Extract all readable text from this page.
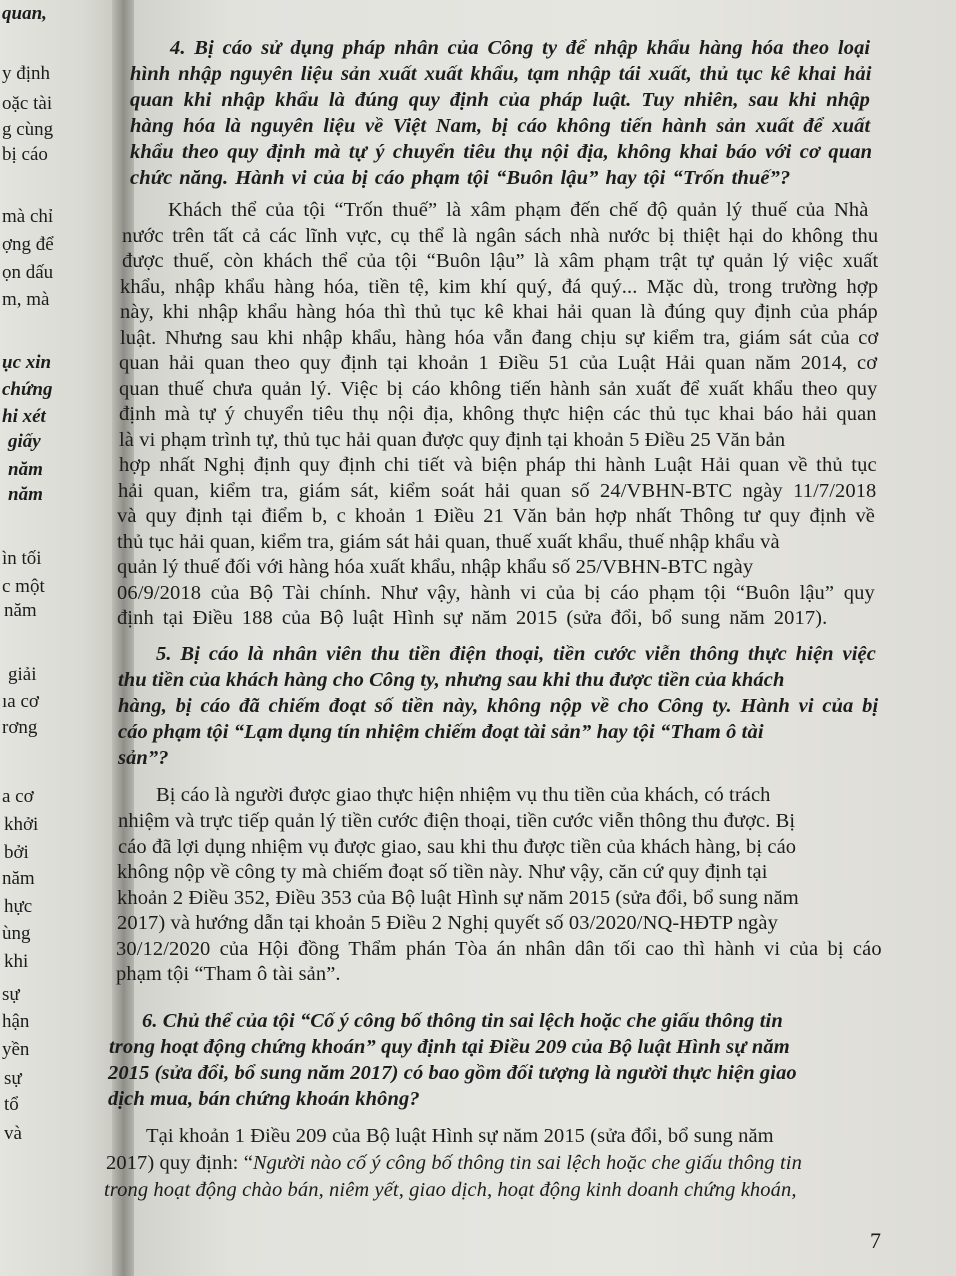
quan,
y định
oặc tài
g cùng
bị cáo
mà chỉ
ợng để
ọn dấu
m, mà
ục xin
chứng
hi xét
giấy
năm
năm
ìn tối
c một
năm
giải
ıa cơ
rơng
a cơ
khởi
bởi
năm
hực
ùng
khi
sự
hận
yền
sự
tổ
và	Tại khoản 1 Điều 209 của Bộ luật Hình sự năm 2015 (sửa đổi, bổ sung năm
2017) quy định: “Người nào cố ý công bố thông tin sai lệch hoặc che giấu thông tin
trong hoạt động chào bán, niêm yết, giao dịch, hoạt động kinh doanh chứng khoán,
4. Bị cáo sử dụng pháp nhân của Công ty để nhập khẩu hàng hóa theo loại
hình nhập nguyên liệu sản xuất xuất khẩu, tạm nhập tái xuất, thủ tục kê khai hải
quan khi nhập khẩu là đúng quy định của pháp luật. Tuy nhiên, sau khi nhập
hàng hóa là nguyên liệu về Việt Nam, bị cáo không tiến hành sản xuất để xuất
khẩu theo quy định mà tự ý chuyển tiêu thụ nội địa, không khai báo với cơ quan
chức năng. Hành vi của bị cáo phạm tội “Buôn lậu” hay tội “Trốn thuế”?
Khách thể của tội “Trốn thuế” là xâm phạm đến chế độ quản lý thuế của Nhà
nước trên tất cả các lĩnh vực, cụ thể là ngân sách nhà nước bị thiệt hại do không thu
được thuế, còn khách thể của tội “Buôn lậu” là xâm phạm trật tự quản lý việc xuất
khẩu, nhập khẩu hàng hóa, tiền tệ, kim khí quý, đá quý... Mặc dù, trong trường hợp
này, khi nhập khẩu hàng hóa thì thủ tục kê khai hải quan là đúng quy định của pháp
luật. Nhưng sau khi nhập khẩu, hàng hóa vẫn đang chịu sự kiểm tra, giám sát của cơ
quan hải quan theo quy định tại khoản 1 Điều 51 của Luật Hải quan năm 2014, cơ
quan thuế chưa quản lý. Việc bị cáo không tiến hành sản xuất để xuất khẩu theo quy
định mà tự ý chuyển tiêu thụ nội địa, không thực hiện các thủ tục khai báo hải quan
là vi phạm trình tự, thủ tục hải quan được quy định tại khoản 5 Điều 25 Văn bản
hợp nhất Nghị định quy định chi tiết và biện pháp thi hành Luật Hải quan về thủ tục
hải quan, kiểm tra, giám sát, kiểm soát hải quan số 24/VBHN-BTC ngày 11/7/2018
và quy định tại điểm b, c khoản 1 Điều 21 Văn bản hợp nhất Thông tư quy định về
thủ tục hải quan, kiểm tra, giám sát hải quan, thuế xuất khẩu, thuế nhập khẩu và
quản lý thuế đối với hàng hóa xuất khẩu, nhập khẩu số 25/VBHN-BTC ngày
06/9/2018 của Bộ Tài chính. Như vậy, hành vi của bị cáo phạm tội “Buôn lậu” quy
định tại Điều 188 của Bộ luật Hình sự năm 2015 (sửa đổi, bổ sung năm 2017).
5. Bị cáo là nhân viên thu tiền điện thoại, tiền cước viễn thông thực hiện việc
thu tiền của khách hàng cho Công ty, nhưng sau khi thu được tiền của khách
hàng, bị cáo đã chiếm đoạt số tiền này, không nộp về cho Công ty. Hành vi của bị
cáo phạm tội “Lạm dụng tín nhiệm chiếm đoạt tài sản” hay tội “Tham ô tài
sản”?
Bị cáo là người được giao thực hiện nhiệm vụ thu tiền của khách, có trách
nhiệm và trực tiếp quản lý tiền cước điện thoại, tiền cước viễn thông thu được. Bị
cáo đã lợi dụng nhiệm vụ được giao, sau khi thu được tiền của khách hàng, bị cáo
không nộp về công ty mà chiếm đoạt số tiền này. Như vậy, căn cứ quy định tại
khoản 2 Điều 352, Điều 353 của Bộ luật Hình sự năm 2015 (sửa đổi, bổ sung năm
2017) và hướng dẫn tại khoản 5 Điều 2 Nghị quyết số 03/2020/NQ-HĐTP ngày
30/12/2020 của Hội đồng Thẩm phán Tòa án nhân dân tối cao thì hành vi của bị cáo
phạm tội “Tham ô tài sản”.
6. Chủ thể của tội “Cố ý công bố thông tin sai lệch hoặc che giấu thông tin
trong hoạt động chứng khoán” quy định tại Điều 209 của Bộ luật Hình sự năm
2015 (sửa đổi, bổ sung năm 2017) có bao gồm đối tượng là người thực hiện giao
dịch mua, bán chứng khoán không?
7
